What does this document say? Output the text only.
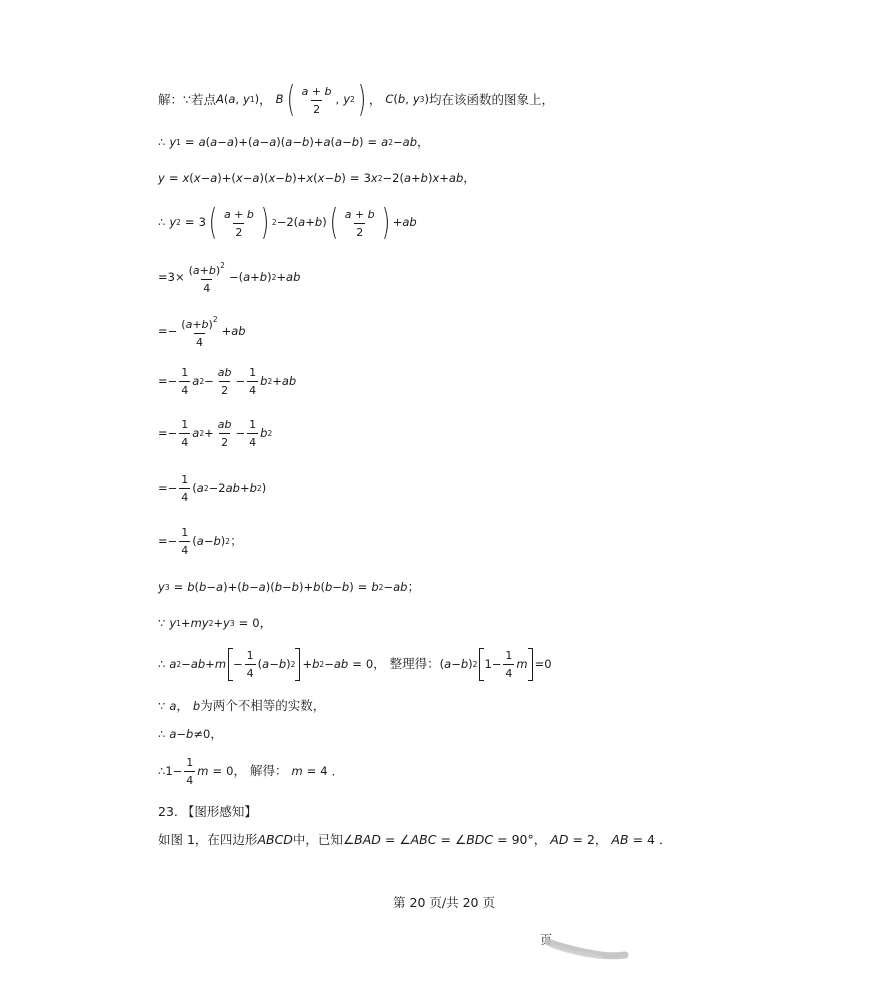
解：∵若点 A ( a , y 1 ) ， B ( $\frac{a + b}{2}$ , y 2 ) ， C ( b , y 3 ) 均在该函数的图象上，
∴ y 1 = a ( a − a ) + ( a − a ) ( a − b ) + a ( a − b ) = a 2 − ab ，
y = x ( x − a ) + ( x − a ) ( x − b ) + x ( x − b ) = 3 x 2 − 2 ( a + b ) x + ab ，
∴ y 2 = 3 ( $\frac{a + b}{2}$ ) 2 − 2 ( a + b ) ( $\frac{a + b}{2}$ ) + ab
= $3 \times \frac{(a+b)^2}{4}$ − ( a + b ) 2 + ab
= − $\frac{(a+b)^2}{4}$ + ab
= − $\frac{1}{4}$ a $2 - \frac{ab}{2} - \frac{1}{4}$ b 2 + ab
= − $\frac{1}{4}$ a $2 + \frac{ab}{2} - \frac{1}{4}$ b 2
= − $\frac{1}{4}$ ( a 2 − 2 ab + b 2 )
= − $\frac{1}{4}$ ( a − b ) 2 ；
y 3 = b ( b − a ) + ( b − a ) ( b − b ) + b ( b − b ) = b 2 − ab ；
∵ y 1 + my 2 + y 3 = 0 ，
∴ a 2 − ab + $m - \frac{1}{4}$ ( a − b ) 2 + b 2 − ab = 0 ， 整理得： ( a − b ) 2 $1 - \frac{1}{4}$ m = 0
∵ a ， b 为两个不相等的实数，
∴ a − b ≠ 0 ，
∴ $1 - \frac{1}{4}$ m = 0 ， 解得： m = 4 ．
23. 【图形感知】
如图 1，在四边形 ABCD 中，已知 ∠ BAD = ∠ ABC = ∠ BDC = 90° ， AD = 2 ， AB = 4 ．
第 20 页/共 20 页
页
